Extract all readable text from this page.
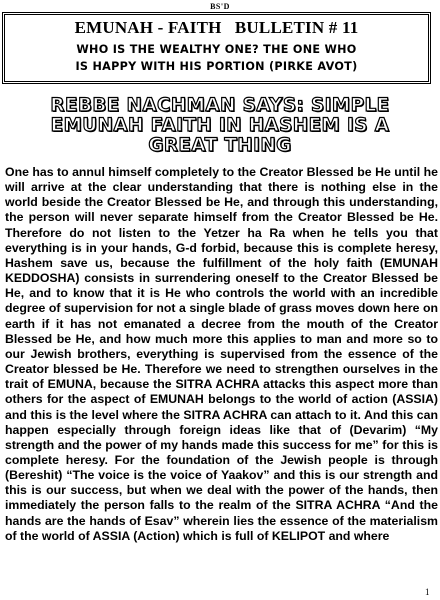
BS'D
EMUNAH - FAITH   BULLETIN # 11
WHO IS THE WEALTHY ONE? THE ONE WHO
IS HAPPY WITH HIS PORTION (PIRKE AVOT)
REBBE NACHMAN SAYS: SIMPLE
EMUNAH FAITH IN HASHEM IS A
GREAT THING

One has to annul himself completely to the Creator Blessed be He until he will arrive at the clear understanding that there is nothing else in the world beside the Creator Blessed be He, and through this understanding, the person will never separate himself from the Creator Blessed be He. Therefore do not listen to the Yetzer ha Ra when he tells you that everything is in your hands, G-d forbid, because this is complete heresy, Hashem save us, because the fulfillment of the holy faith (EMUNAH KEDDOSHA) consists in surrendering oneself to the Creator Blessed be He, and to know that it is He who controls the world with an incredible degree of supervision for not a single blade of grass moves down here on earth if it has not emanated a decree from the mouth of the Creator Blessed be He, and how much more this applies to man and more so to our Jewish brothers, everything is supervised from the essence of the Creator blessed be He. Therefore we need to strengthen ourselves in the trait of EMUNA, because the SITRA ACHRA attacks this aspect more than others for the aspect of EMUNAH belongs to the world of action (ASSIA) and this is the level where the SITRA ACHRA can attach to it. And this can happen especially through foreign ideas like that of (Devarim) “My strength and the power of my hands made this success for me” for this is complete heresy. For the foundation of the Jewish people is through (Bereshit) “The voice is the voice of Yaakov” and this is our strength and this is our success, but when we deal with the power of the hands, then immediately the person falls to the realm of the SITRA ACHRA “And the hands are the hands of Esav” wherein lies the essence of the materialism of the world of ASSIA (Action) which is full of KELIPOT and where

1
